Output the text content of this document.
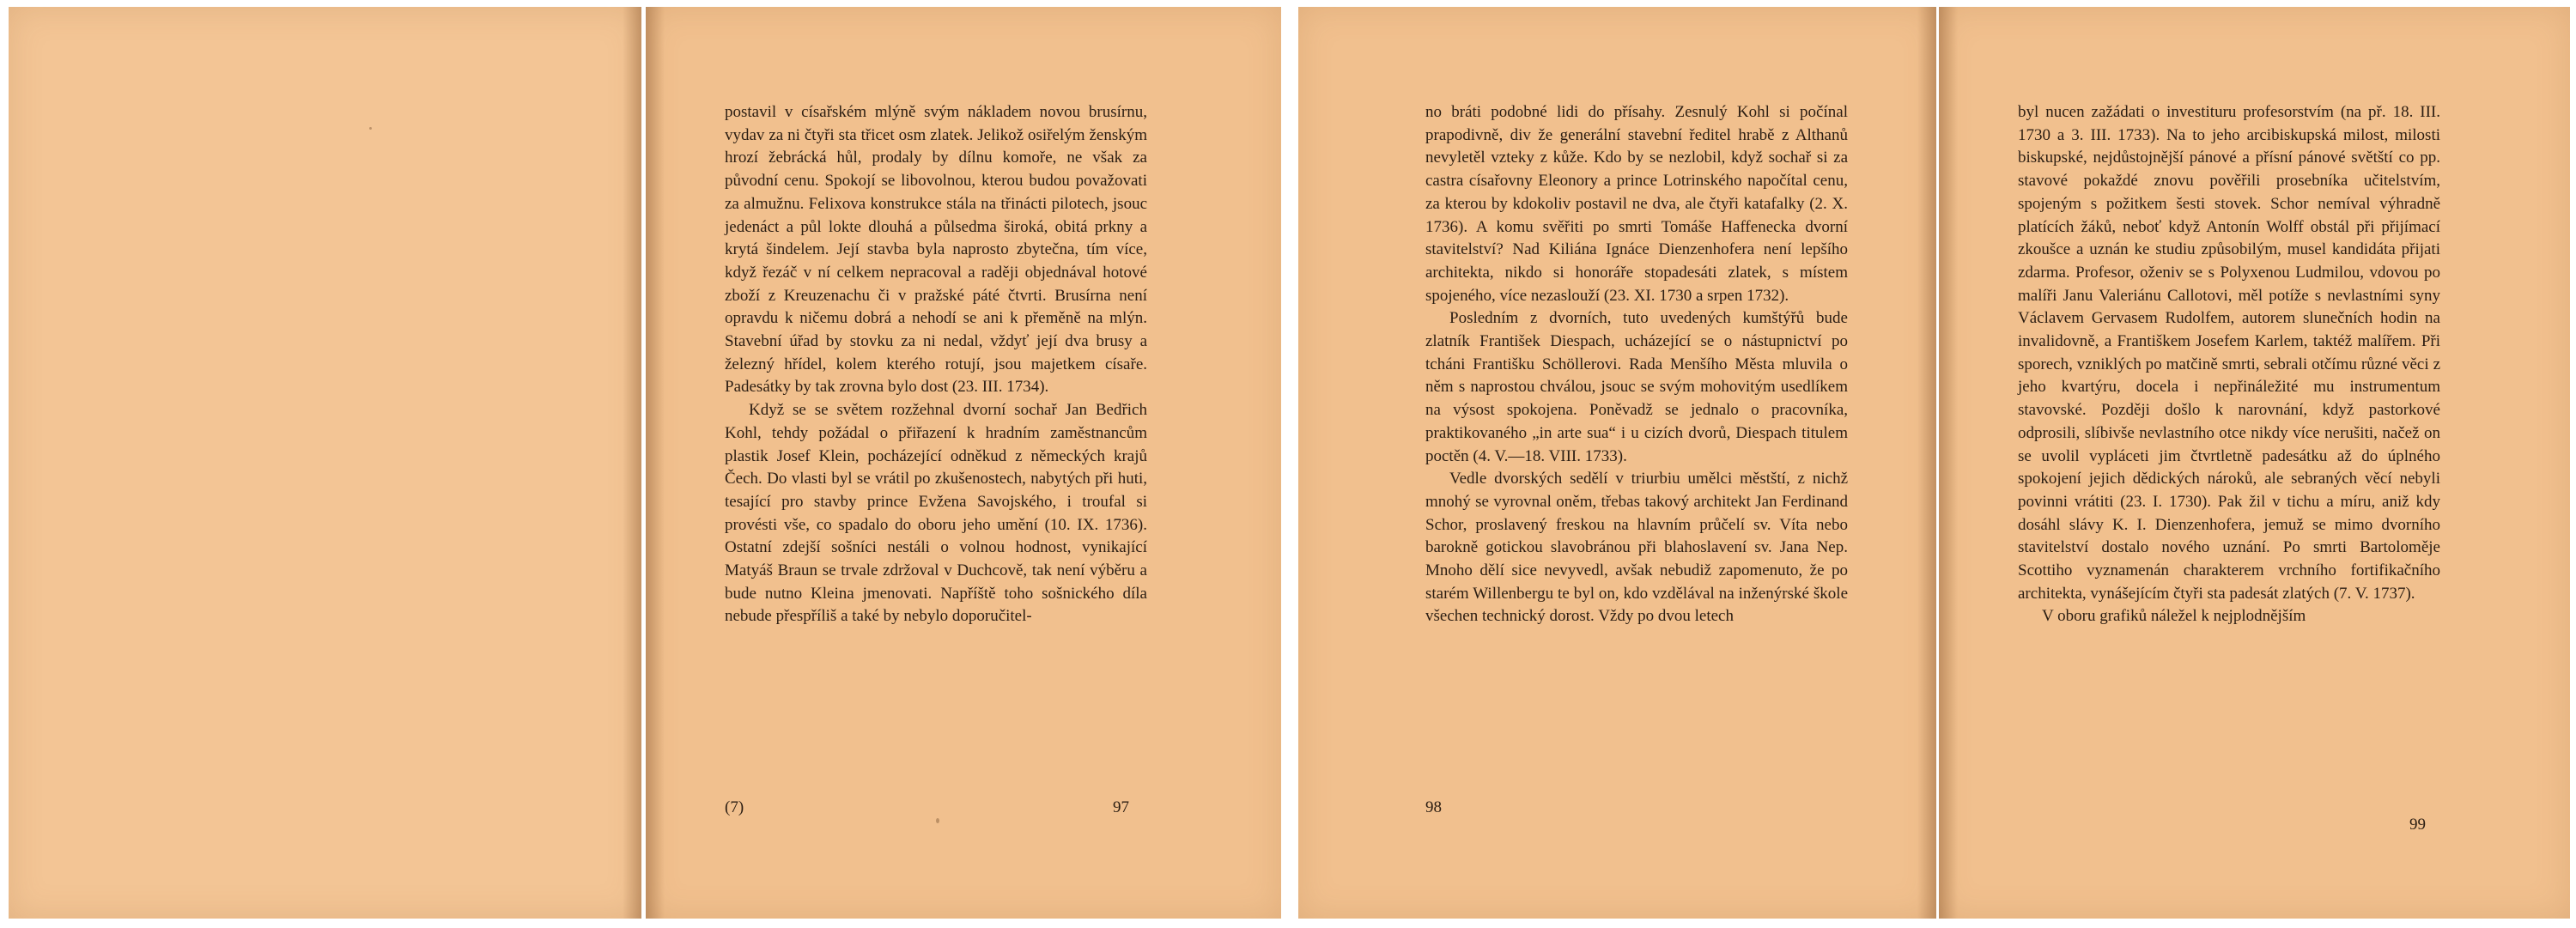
postavil v císařském mlýně svým nákladem novou brusírnu, vydav za ni čtyři sta třicet osm zlatek. Jelikož osiřelým ženským hrozí žebrácká hůl, prodaly by dílnu komoře, ne však za původní cenu. Spokojí se libovolnou, kterou budou považovati za almužnu. Felixova konstrukce stála na třinácti pilotech, jsouc jedenáct a půl lokte dlouhá a půlsedma široká, obitá prkny a krytá šindelem. Její stavba byla naprosto zbytečna, tím více, když řezáč v ní celkem nepracoval a raději objednával hotové zboží z Kreuzenachu či v pražské páté čtvrti. Brusírna není opravdu k ničemu dobrá a nehodí se ani k přeměně na mlýn. Stavební úřad by stovku za ni nedal, vždyť její dva brusy a železný hřídel, kolem kterého rotují, jsou majetkem císaře. Padesátky by tak zrovna bylo dost (23. III. 1734).

Když se se světem rozžehnal dvorní sochař Jan Bedřich Kohl, tehdy požádal o přiřazení k hradním zaměstnancům plastik Josef Klein, pocházející odněkud z německých krajů Čech. Do vlasti byl se vrátil po zkušenostech, nabytých při huti, tesající pro stavby prince Evžena Savojského, i troufal si provésti vše, co spadalo do oboru jeho umění (10. IX. 1736). Ostatní zdejší sošníci nestáli o volnou hodnost, vynikající Matyáš Braun se trvale zdržoval v Duchcově, tak není výběru a bude nutno Kleina jmenovati. Napříště toho sošnického díla nebude přespříliš a také by nebylo doporučitel-

(7)	97

no bráti podobné lidi do přísahy. Zesnulý Kohl si počínal prapodivně, div že generální stavební ředitel hrabě z Althanů nevyletěl vzteky z kůže. Kdo by se nezlobil, když sochař si za castra císařovny Eleonory a prince Lotrinského napočítal cenu, za kterou by kdokoliv postavil ne dva, ale čtyři katafalky (2. X. 1736). A komu svěřiti po smrti Tomáše Haffenecka dvorní stavitelství? Nad Kiliána Ignáce Dienzenhofera není lepšího architekta, nikdo si honoráře stopadesáti zlatek, s místem spojeného, více nezaslouží (23. XI. 1730 a srpen 1732).

Posledním z dvorních, tuto uvedených kumštýřů bude zlatník František Diespach, ucházející se o nástupnictví po tcháni Františku Schöllerovi. Rada Menšího Města mluvila o něm s naprostou chválou, jsouc se svým mohovitým usedlíkem na výsost spokojena. Poněvadž se jednalo o pracovníka, praktikovaného „in arte sua“ i u cizích dvorů, Diespach titulem poctěn (4. V.—18. VIII. 1733).

Vedle dvorských sedělí v triurbiu umělci městští, z nichž mnohý se vyrovnal oněm, třebas takový architekt Jan Ferdinand Schor, proslavený freskou na hlavním průčelí sv. Víta nebo barokně gotickou slavobránou při blahoslavení sv. Jana Nep. Mnoho dělí sice nevyvedl, avšak nebudiž zapomenuto, že po starém Willenbergu te byl on, kdo vzdělával na inženýrské škole všechen technický dorost. Vždy po dvou letech

98

byl nucen zažádati o investituru profesorstvím (na př. 18. III. 1730 a 3. III. 1733). Na to jeho arcibiskupská milost, milosti biskupské, nejdůstojnější pánové a přísní pánové světští co pp. stavové pokaždé znovu pověřili prosebníka učitelstvím, spojeným s požitkem šesti stovek. Schor nemíval výhradně platících žáků, neboť když Antonín Wolff obstál při přijímací zkoušce a uznán ke studiu způsobilým, musel kandidáta přijati zdarma. Profesor, oženiv se s Polyxenou Ludmilou, vdovou po malíři Janu Valeriánu Callotovi, měl potíže s nevlastními syny Václavem Gervasem Rudolfem, autorem slunečních hodin na invalidovně, a Františkem Josefem Karlem, taktéž malířem. Při sporech, vzniklých po matčině smrti, sebrali otčímu různé věci z jeho kvartýru, docela i nepřináležité mu instrumentum stavovské. Později došlo k narovnání, když pastorkové odprosili, slíbivše nevlastního otce nikdy více nerušiti, načež on se uvolil vypláceti jim čtvrtletně padesátku až do úplného spokojení jejich dědických nároků, ale sebraných věcí nebyli povinni vrátiti (23. I. 1730). Pak žil v tichu a míru, aniž kdy dosáhl slávy K. I. Dienzenhofera, jemuž se mimo dvorního stavitelství dostalo nového uznání. Po smrti Bartoloměje Scottiho vyznamenán charakterem vrchního fortifikačního architekta, vynášejícím čtyři sta padesát zlatých (7. V. 1737).

V oboru grafiků náležel k nejplodnějším

99
